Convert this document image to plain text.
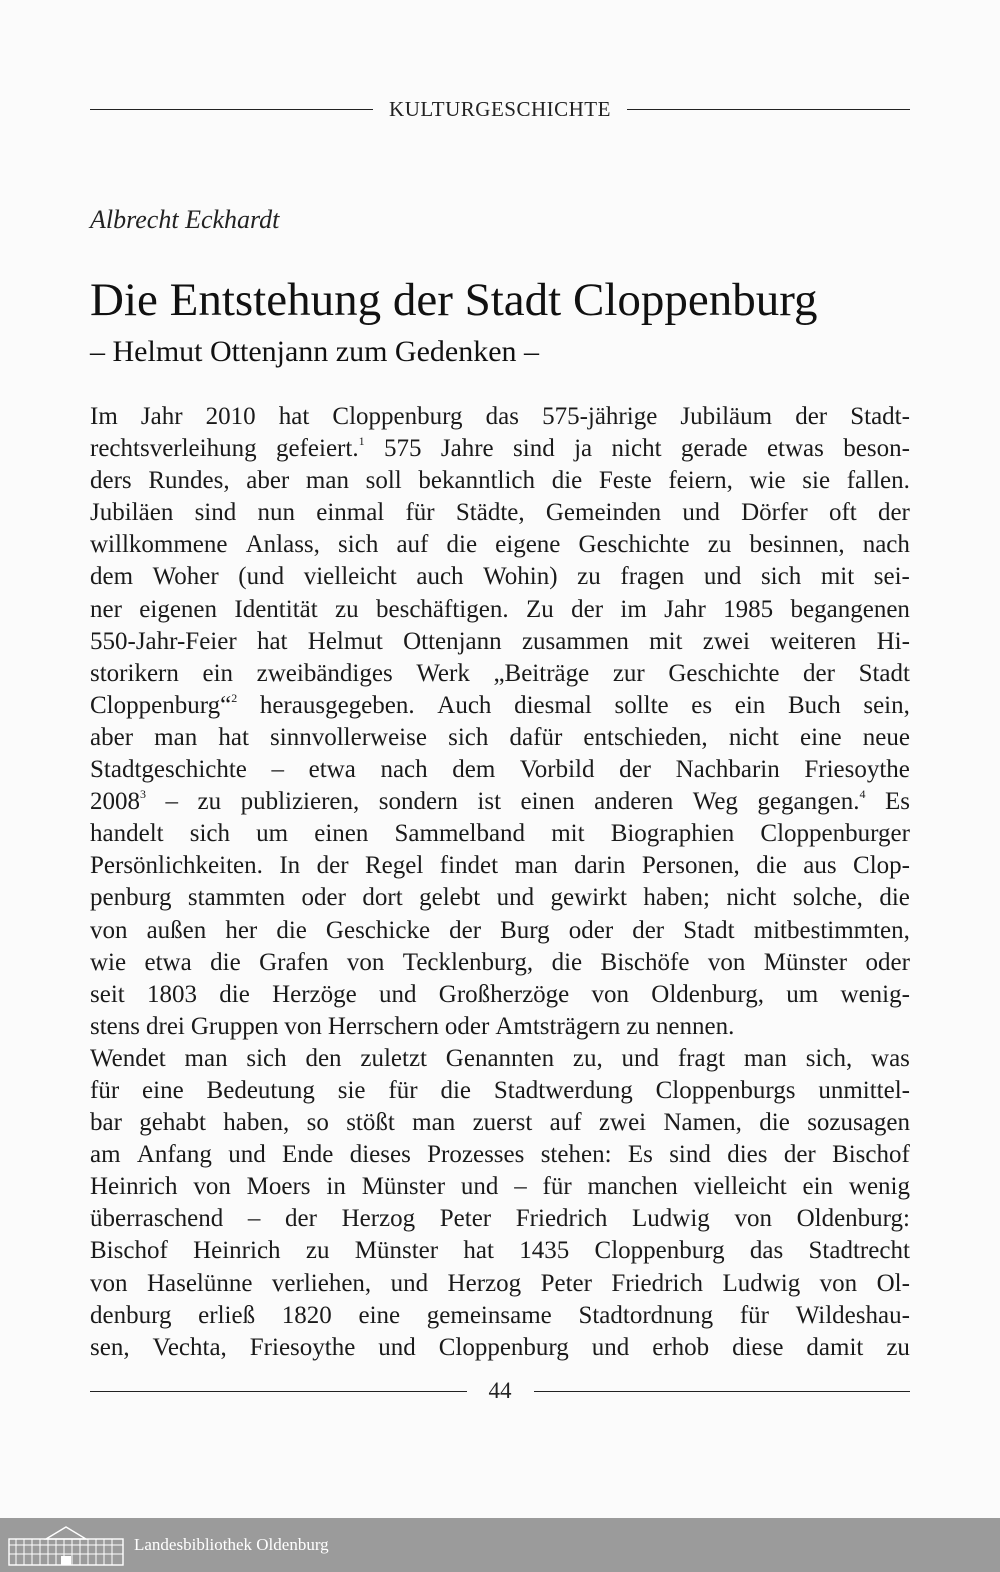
KULTURGESCHICHTE
Albrecht Eckhardt
Die Entstehung der Stadt Cloppenburg
– Helmut Ottenjann zum Gedenken –
Im Jahr 2010 hat Cloppenburg das 575-jährige Jubiläum der Stadt-
rechtsverleihung gefeiert.$^1$ 575 Jahre sind ja nicht gerade etwas beson-
ders Rundes, aber man soll bekanntlich die Feste feiern, wie sie fallen.
Jubiläen sind nun einmal für Städte, Gemeinden und Dörfer oft der
willkommene Anlass, sich auf die eigene Geschichte zu besinnen, nach
dem Woher (und vielleicht auch Wohin) zu fragen und sich mit sei-
ner eigenen Identität zu beschäftigen. Zu der im Jahr 1985 begangenen
550-Jahr-Feier hat Helmut Ottenjann zusammen mit zwei weiteren Hi-
storikern ein zweibändiges Werk „Beiträge zur Geschichte der Stadt
Cloppenburg“$^2$ herausgegeben. Auch diesmal sollte es ein Buch sein,
aber man hat sinnvollerweise sich dafür entschieden, nicht eine neue
Stadtgeschichte – etwa nach dem Vorbild der Nachbarin Friesoythe
2008$^3$ – zu publizieren, sondern ist einen anderen Weg gegangen.$^4$ Es
handelt sich um einen Sammelband mit Biographien Cloppenburger
Persönlichkeiten. In der Regel findet man darin Personen, die aus Clop-
penburg stammten oder dort gelebt und gewirkt haben; nicht solche, die
von außen her die Geschicke der Burg oder der Stadt mitbestimmten,
wie etwa die Grafen von Tecklenburg, die Bischöfe von Münster oder
seit 1803 die Herzöge und Großherzöge von Oldenburg, um wenig-
stens drei Gruppen von Herrschern oder Amtsträgern zu nennen.
Wendet man sich den zuletzt Genannten zu, und fragt man sich, was
für eine Bedeutung sie für die Stadtwerdung Cloppenburgs unmittel-
bar gehabt haben, so stößt man zuerst auf zwei Namen, die sozusagen
am Anfang und Ende dieses Prozesses stehen: Es sind dies der Bischof
Heinrich von Moers in Münster und – für manchen vielleicht ein wenig
überraschend – der Herzog Peter Friedrich Ludwig von Oldenburg:
Bischof Heinrich zu Münster hat 1435 Cloppenburg das Stadtrecht
von Haselünne verliehen, und Herzog Peter Friedrich Ludwig von Ol-
denburg erließ 1820 eine gemeinsame Stadtordnung für Wildeshau-
sen, Vechta, Friesoythe und Cloppenburg und erhob diese damit zu
44
Landesbibliothek Oldenburg
